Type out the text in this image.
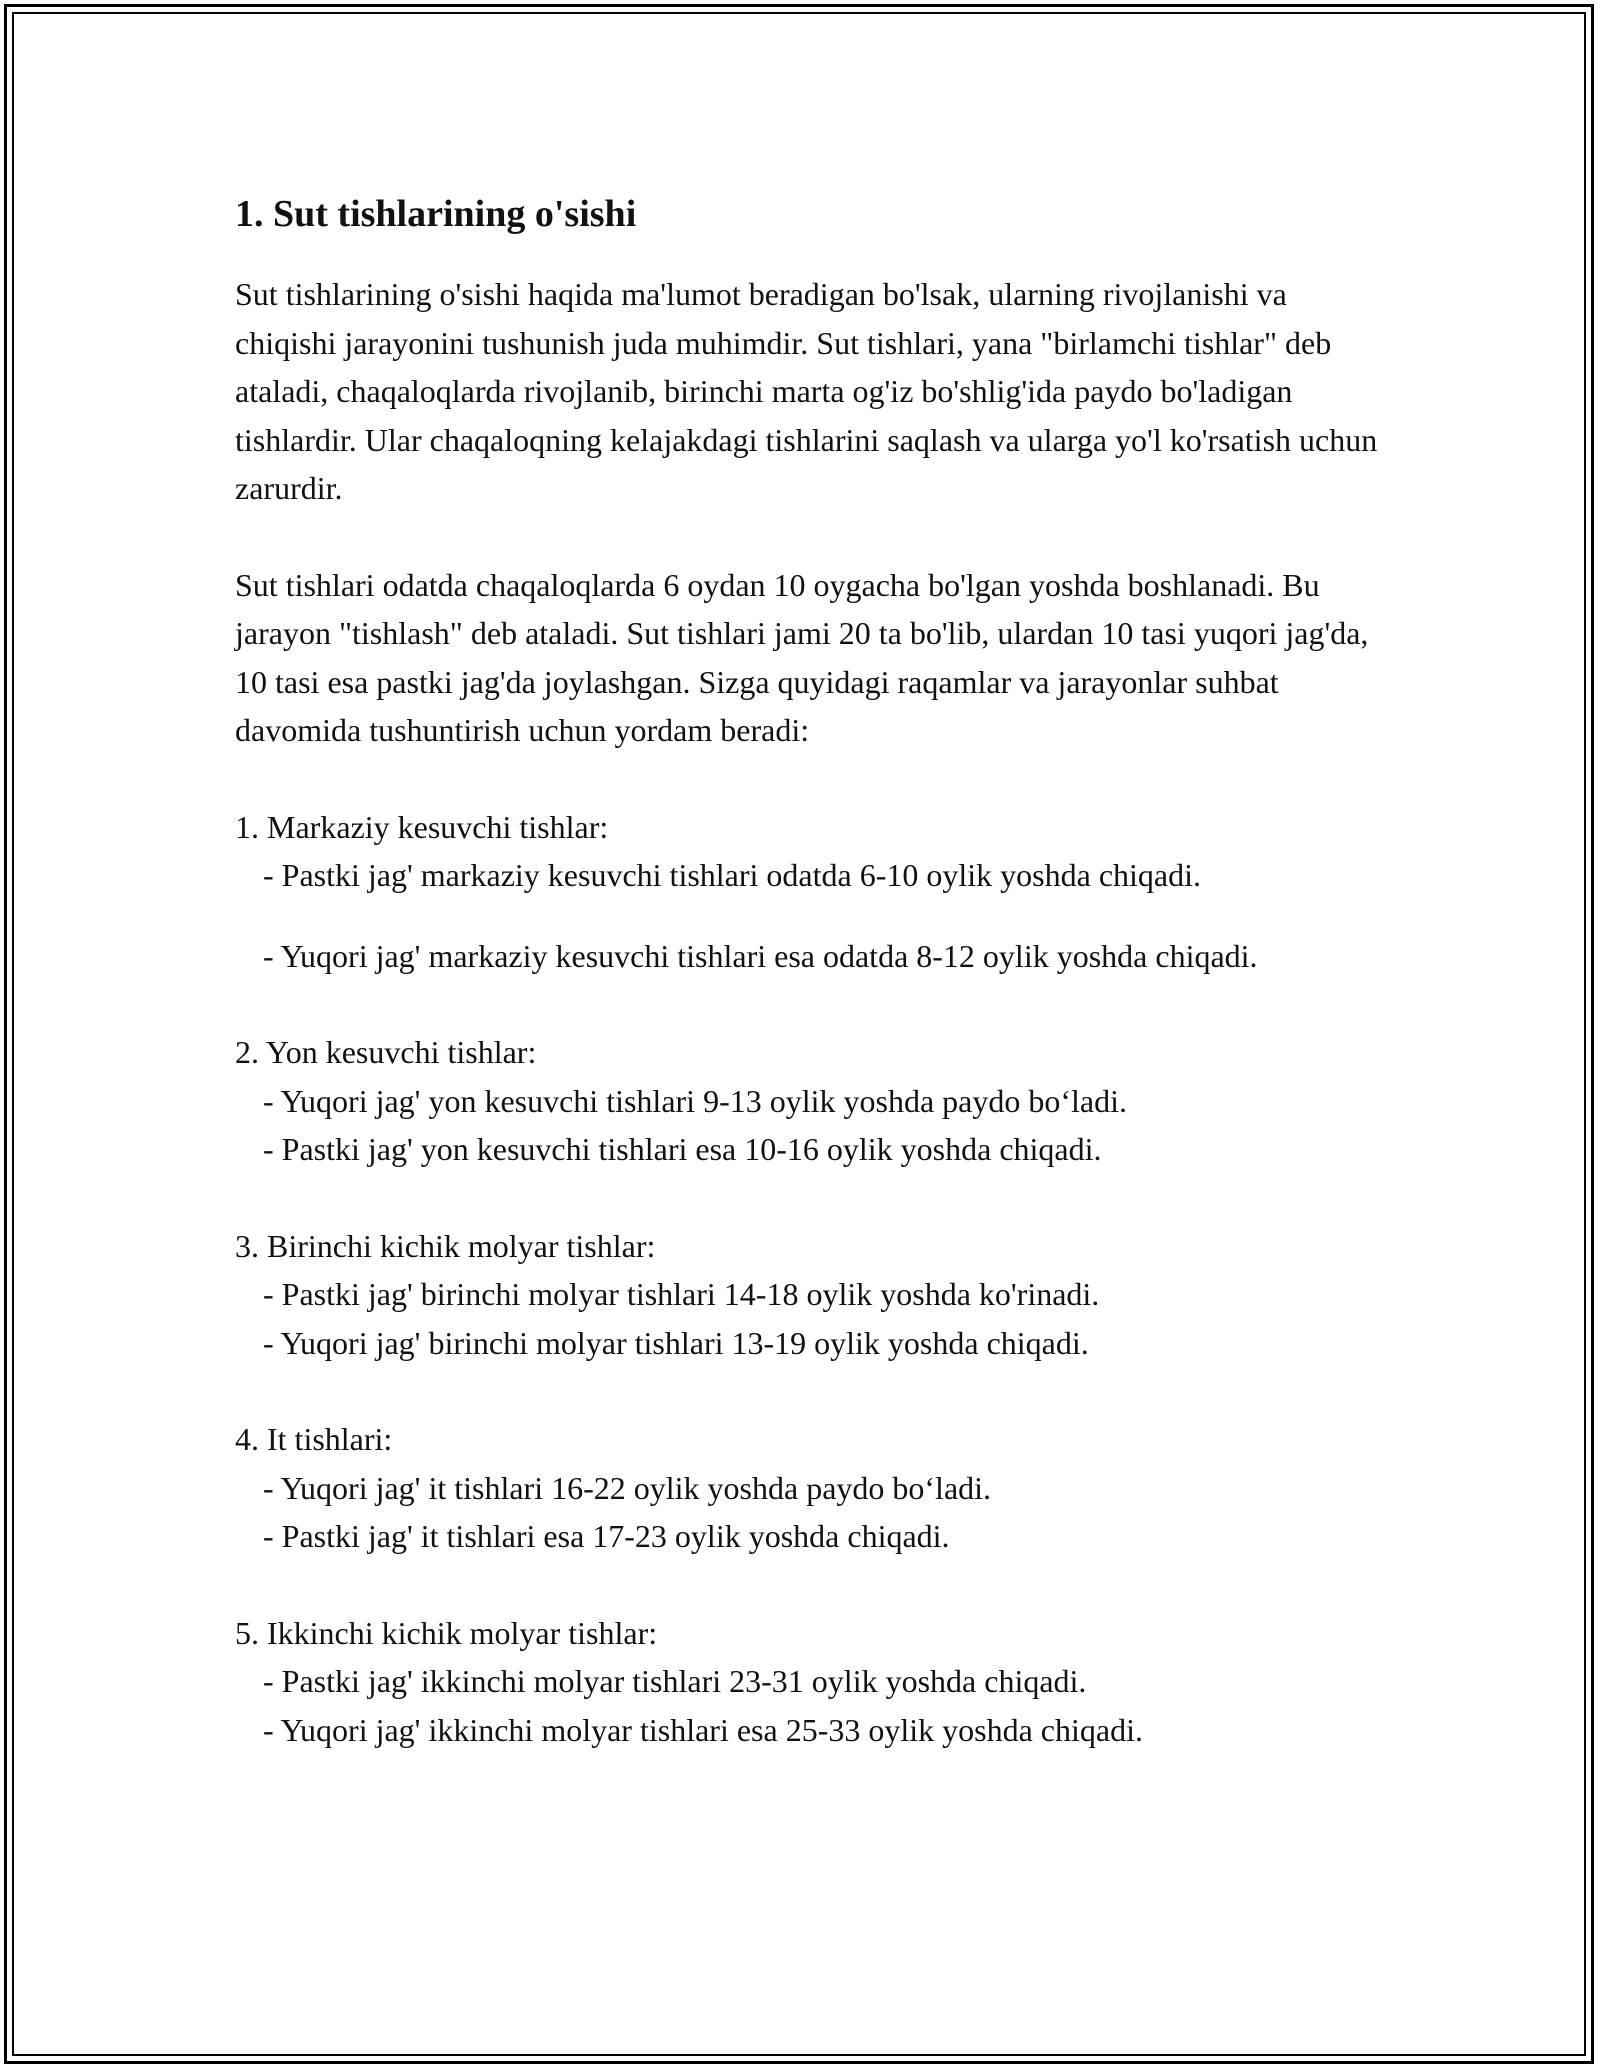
1. Sut tishlarining o'sishi

Sut tishlarining o'sishi haqida ma'lumot beradigan bo'lsak, ularning rivojlanishi va chiqishi jarayonini tushunish juda muhimdir. Sut tishlari, yana "birlamchi tishlar" deb ataladi, chaqaloqlarda rivojlanib, birinchi marta og'iz bo'shlig'ida paydo bo'ladigan tishlardir. Ular chaqaloqning kelajakdagi tishlarini saqlash va ularga yo'l ko'rsatish uchun zarurdir.

Sut tishlari odatda chaqaloqlarda 6 oydan 10 oygacha bo'lgan yoshda boshlanadi. Bu jarayon "tishlash" deb ataladi. Sut tishlari jami 20 ta bo'lib, ulardan 10 tasi yuqori jag'da, 10 tasi esa pastki jag'da joylashgan. Sizga quyidagi raqamlar va jarayonlar suhbat davomida tushuntirish uchun yordam beradi:

1. Markaziy kesuvchi tishlar:

- Pastki jag' markaziy kesuvchi tishlari odatda 6-10 oylik yoshda chiqadi.

- Yuqori jag' markaziy kesuvchi tishlari esa odatda 8-12 oylik yoshda chiqadi.

2. Yon kesuvchi tishlar:

- Yuqori jag' yon kesuvchi tishlari 9-13 oylik yoshda paydo bo‘ladi.

- Pastki jag' yon kesuvchi tishlari esa 10-16 oylik yoshda chiqadi.

3. Birinchi kichik molyar tishlar:

- Pastki jag' birinchi molyar tishlari 14-18 oylik yoshda ko'rinadi.

- Yuqori jag' birinchi molyar tishlari 13-19 oylik yoshda chiqadi.

4. It tishlari:

- Yuqori jag' it tishlari 16-22 oylik yoshda paydo bo‘ladi.

- Pastki jag' it tishlari esa 17-23 oylik yoshda chiqadi.

5. Ikkinchi kichik molyar tishlar:

- Pastki jag' ikkinchi molyar tishlari 23-31 oylik yoshda chiqadi.

- Yuqori jag' ikkinchi molyar tishlari esa 25-33 oylik yoshda chiqadi.
